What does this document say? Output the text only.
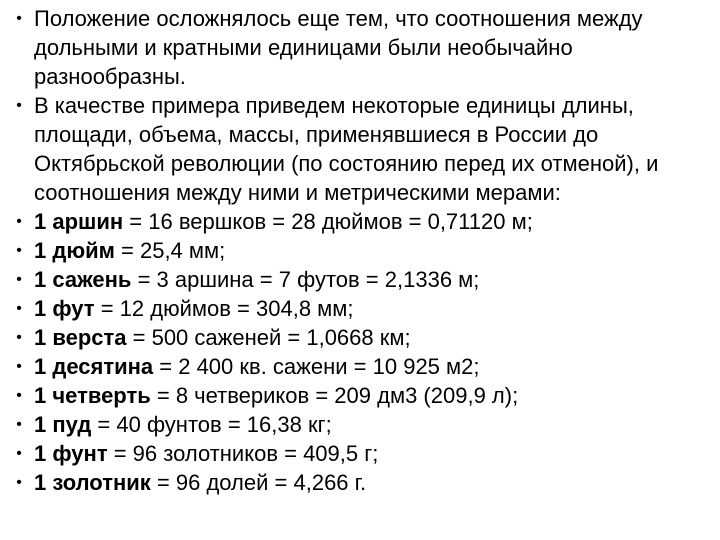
• Положение осложнялось еще тем, что соотношения между дольными и кратными единицами были необычайно разнообразны.
• В качестве примера приведем некоторые единицы длины, площади, объема, массы, применявшиеся в России до Октябрьской революции (по состоянию перед их отменой), и соотношения между ними и метрическими мерами:
• 1 аршин = 16 вершков = 28 дюймов = 0,71120 м;
• 1 дюйм = 25,4 мм;
• 1 сажень = 3 аршина = 7 футов = 2,1336 м;
• 1 фут = 12 дюймов = 304,8 мм;
• 1 верста = 500 саженей = 1,0668 км;
• 1 десятина = 2 400 кв. сажени = 10 925 м2;
• 1 четверть = 8 четвериков = 209 дм3 (209,9 л);
• 1 пуд = 40 фунтов = 16,38 кг;
• 1 фунт = 96 золотников = 409,5 г;
• 1 золотник = 96 долей = 4,266 г.
